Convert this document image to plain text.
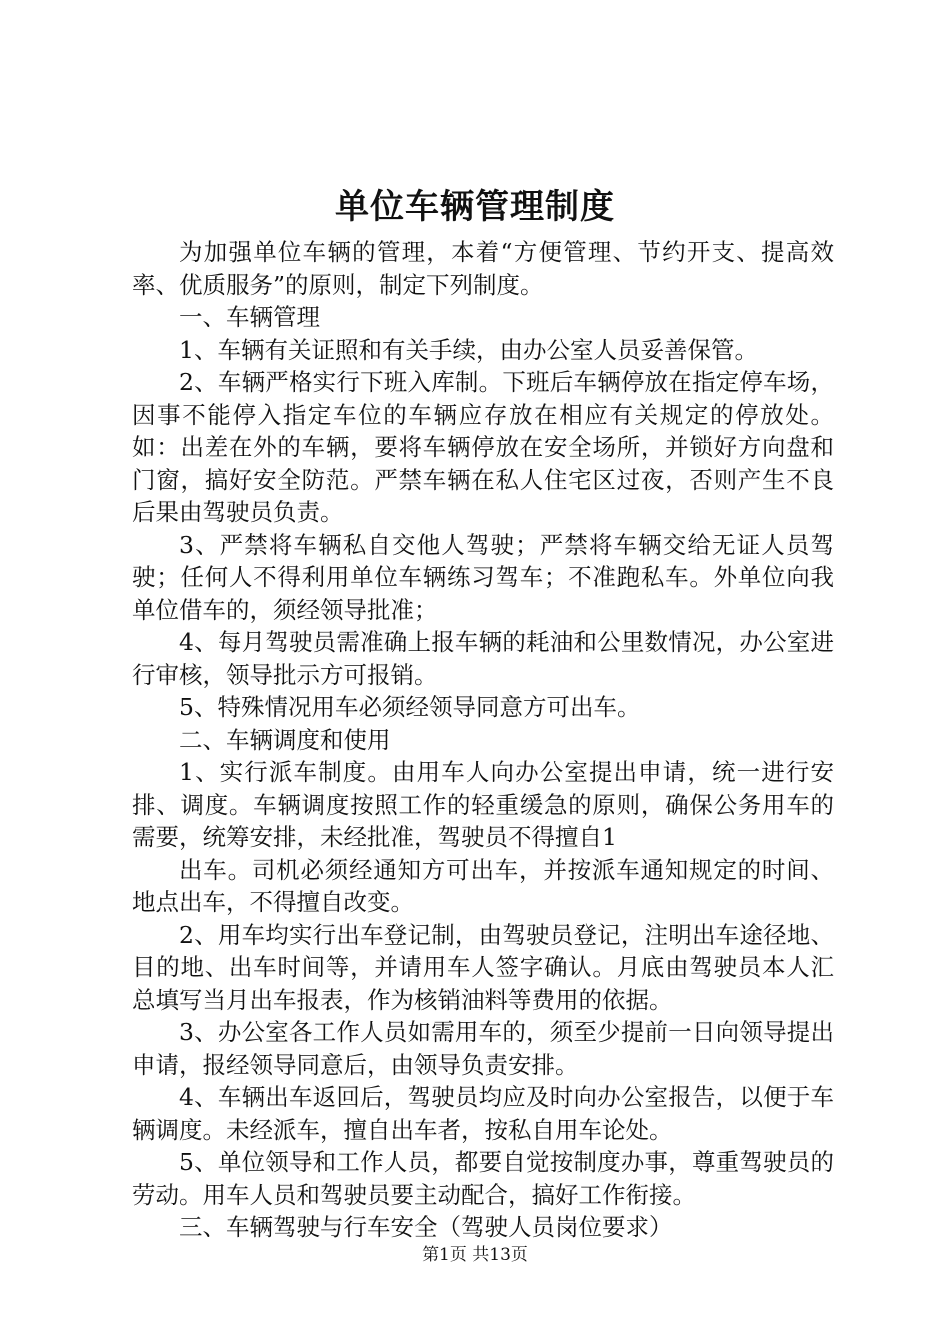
单位车辆管理制度

为加强单位车辆的管理，本着“方便管理、节约开支、提高效率、优质服务”的原则，制定下列制度。

一、车辆管理

1、车辆有关证照和有关手续，由办公室人员妥善保管。

2、车辆严格实行下班入库制。下班后车辆停放在指定停车场，因事不能停入指定车位的车辆应存放在相应有关规定的停放处。如：出差在外的车辆，要将车辆停放在安全场所，并锁好方向盘和门窗，搞好安全防范。严禁车辆在私人住宅区过夜，否则产生不良后果由驾驶员负责。

3、严禁将车辆私自交他人驾驶；严禁将车辆交给无证人员驾驶；任何人不得利用单位车辆练习驾车；不准跑私车。外单位向我单位借车的，须经领导批准；

4、每月驾驶员需准确上报车辆的耗油和公里数情况，办公室进行审核，领导批示方可报销。

5、特殊情况用车必须经领导同意方可出车。

二、车辆调度和使用

1、实行派车制度。由用车人向办公室提出申请，统一进行安排、调度。车辆调度按照工作的轻重缓急的原则，确保公务用车的需要，统筹安排，未经批准，驾驶员不得擅自1

出车。司机必须经通知方可出车，并按派车通知规定的时间、地点出车，不得擅自改变。

2、用车均实行出车登记制，由驾驶员登记，注明出车途径地、目的地、出车时间等，并请用车人签字确认。月底由驾驶员本人汇总填写当月出车报表，作为核销油料等费用的依据。

3、办公室各工作人员如需用车的，须至少提前一日向领导提出申请，报经领导同意后，由领导负责安排。

4、车辆出车返回后，驾驶员均应及时向办公室报告，以便于车辆调度。未经派车，擅自出车者，按私自用车论处。

5、单位领导和工作人员，都要自觉按制度办事，尊重驾驶员的劳动。用车人员和驾驶员要主动配合，搞好工作衔接。

三、车辆驾驶与行车安全（驾驶人员岗位要求）

第1页 共13页
